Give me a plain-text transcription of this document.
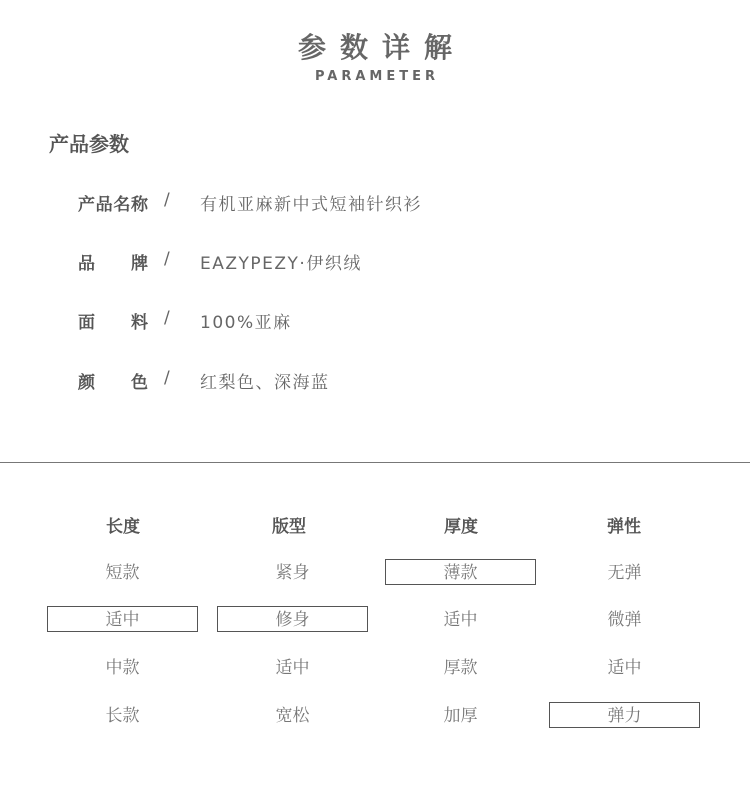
参数详解
PARAMETER
产品参数
产品名称 / 有机亚麻新中式短袖针织衫
品牌 / EAZYPEZY·伊织绒
面料 / 100%亚麻
颜色 / 红梨色、深海蓝
长度
短款
适中
中款
长款
版型
紧身
修身
适中
宽松
厚度
薄款
适中
厚款
加厚
弹性
无弹
微弹
适中
弹力
